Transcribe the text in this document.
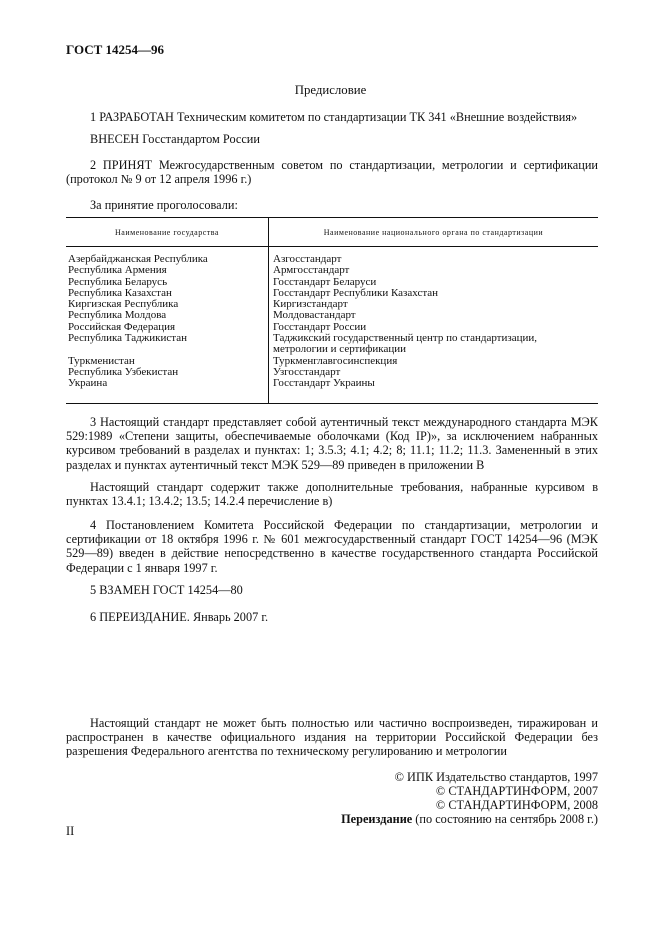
ГОСТ 14254—96
Предисловие
1 РАЗРАБОТАН Техническим комитетом по стандартизации ТК 341 «Внешние воздействия»
ВНЕСЕН Госстандартом России
2 ПРИНЯТ Межгосударственным советом по стандартизации, метрологии и сертификации (протокол № 9 от 12 апреля 1996 г.)
За принятие проголосовали:
Наименование государства	Наименование национального органа по стандартизации
Азербайджанская Республика
Республика Армения
Республика Беларусь
Республика Казахстан
Киргизская Республика
Республика Молдова
Российская Федерация
Республика Таджикистан

Туркменистан
Республика Узбекистан
Украина
Азгосстандарт
Армгосстандарт
Госстандарт Беларуси
Госстандарт Республики Казахстан
Киргизстандарт
Молдовастандарт
Госстандарт России
Таджикский государственный центр по стандартизации,
метрологии и сертификации
Туркменглавгосинспекция
Узгосстандарт
Госстандарт Украины
3 Настоящий стандарт представляет собой аутентичный текст международного стандарта МЭК 529:1989 «Степени защиты, обеспечиваемые оболочками (Код IP)», за исключением набранных курсивом требований в разделах и пунктах: 1; 3.5.3; 4.1; 4.2; 8; 11.1; 11.2; 11.3. Замененный в этих разделах и пунктах аутентичный текст МЭК 529—89 приведен в приложении В
Настоящий стандарт содержит также дополнительные требования, набранные курсивом в пунктах 13.4.1; 13.4.2; 13.5; 14.2.4 перечисление в)
4 Постановлением Комитета Российской Федерации по стандартизации, метрологии и сертификации от 18 октября 1996 г. № 601 межгосударственный стандарт ГОСТ 14254—96 (МЭК 529—89) введен в действие непосредственно в качестве государственного стандарта Российской Федерации с 1 января 1997 г.
5 ВЗАМЕН ГОСТ 14254—80
6 ПЕРЕИЗДАНИЕ. Январь 2007 г.
Настоящий стандарт не может быть полностью или частично воспроизведен, тиражирован и распространен в качестве официального издания на территории Российской Федерации без разрешения Федерального агентства по техническому регулированию и метрологии
© ИПК Издательство стандартов, 1997
© СТАНДАРТИНФОРМ, 2007
© СТАНДАРТИНФОРМ, 2008
Переиздание (по состоянию на сентябрь 2008 г.)
II
